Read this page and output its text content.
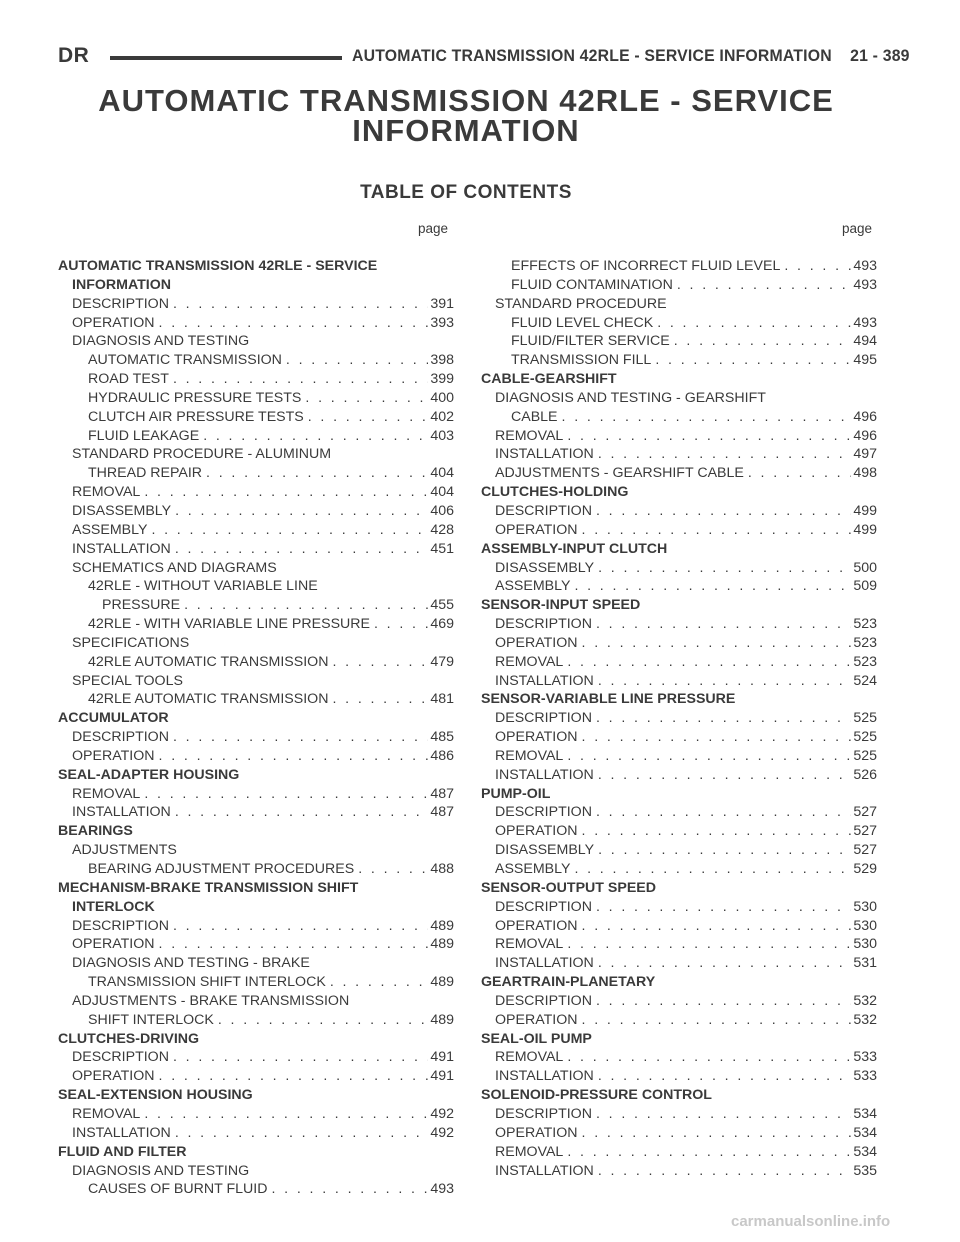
DR	AUTOMATIC TRANSMISSION 42RLE - SERVICE INFORMATION 21 - 389
AUTOMATIC TRANSMISSION 42RLE - SERVICE
INFORMATION
TABLE OF CONTENTS
page	page
AUTOMATIC TRANSMISSION 42RLE - SERVICE
INFORMATION
DESCRIPTION . . .	391
OPERATION . . .	393
DIAGNOSIS AND TESTING
AUTOMATIC TRANSMISSION . . .	398
ROAD TEST . . .	399
HYDRAULIC PRESSURE TESTS . . .	400
CLUTCH AIR PRESSURE TESTS . . .	402
FLUID LEAKAGE . . .	403
STANDARD PROCEDURE - ALUMINUM
THREAD REPAIR . . .	404
REMOVAL . . .	404
DISASSEMBLY . . .	406
ASSEMBLY . . .	428
INSTALLATION . . .	451
SCHEMATICS AND DIAGRAMS
42RLE - WITHOUT VARIABLE LINE
PRESSURE . . .	455
42RLE - WITH VARIABLE LINE PRESSURE . . .	469
SPECIFICATIONS
42RLE AUTOMATIC TRANSMISSION . . .	479
SPECIAL TOOLS
42RLE AUTOMATIC TRANSMISSION . . .	481
ACCUMULATOR
DESCRIPTION . . .	485
OPERATION . . .	486
SEAL-ADAPTER HOUSING
REMOVAL . . .	487
INSTALLATION . . .	487
BEARINGS
ADJUSTMENTS
BEARING ADJUSTMENT PROCEDURES . . .	488
MECHANISM-BRAKE TRANSMISSION SHIFT
INTERLOCK
DESCRIPTION . . .	489
OPERATION . . .	489
DIAGNOSIS AND TESTING - BRAKE
TRANSMISSION SHIFT INTERLOCK . . .	489
ADJUSTMENTS - BRAKE TRANSMISSION
SHIFT INTERLOCK . . .	489
CLUTCHES-DRIVING
DESCRIPTION . . .	491
OPERATION . . .	491
SEAL-EXTENSION HOUSING
REMOVAL . . .	492
INSTALLATION . . .	492
FLUID AND FILTER
DIAGNOSIS AND TESTING
CAUSES OF BURNT FLUID . . .	493
EFFECTS OF INCORRECT FLUID LEVEL . . .	493
FLUID CONTAMINATION . . .	493
STANDARD PROCEDURE
FLUID LEVEL CHECK . . .	493
FLUID/FILTER SERVICE . . .	494
TRANSMISSION FILL . . .	495
CABLE-GEARSHIFT
DIAGNOSIS AND TESTING - GEARSHIFT
CABLE . . .	496
REMOVAL . . .	496
INSTALLATION . . .	497
ADJUSTMENTS - GEARSHIFT CABLE . . .	498
CLUTCHES-HOLDING
DESCRIPTION . . .	499
OPERATION . . .	499
ASSEMBLY-INPUT CLUTCH
DISASSEMBLY . . .	500
ASSEMBLY . . .	509
SENSOR-INPUT SPEED
DESCRIPTION . . .	523
OPERATION . . .	523
REMOVAL . . .	523
INSTALLATION . . .	524
SENSOR-VARIABLE LINE PRESSURE
DESCRIPTION . . .	525
OPERATION . . .	525
REMOVAL . . .	525
INSTALLATION . . .	526
PUMP-OIL
DESCRIPTION . . .	527
OPERATION . . .	527
DISASSEMBLY . . .	527
ASSEMBLY . . .	529
SENSOR-OUTPUT SPEED
DESCRIPTION . . .	530
OPERATION . . .	530
REMOVAL . . .	530
INSTALLATION . . .	531
GEARTRAIN-PLANETARY
DESCRIPTION . . .	532
OPERATION . . .	532
SEAL-OIL PUMP
REMOVAL . . .	533
INSTALLATION . . .	533
SOLENOID-PRESSURE CONTROL
DESCRIPTION . . .	534
OPERATION . . .	534
REMOVAL . . .	534
INSTALLATION . . .	535
carmanualsonline.info
